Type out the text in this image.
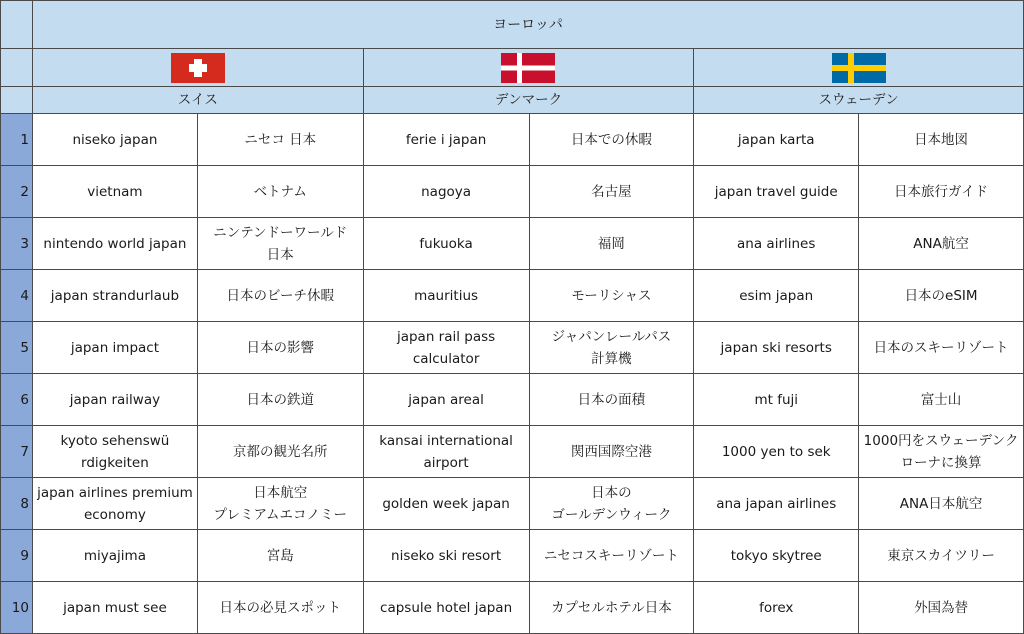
	ヨーロッパ					

	スイス		デンマーク		スウェーデン	
1	niseko japan	ニセコ 日本	ferie i japan	日本での休暇	japan karta	日本地図
2	vietnam	ベトナム	nagoya	名古屋	japan travel guide	日本旅行ガイド
3	nintendo world japan	ニンテンドーワールド
日本	fukuoka	福岡	ana airlines	ANA航空
4	japan strandurlaub	日本のビーチ休暇	mauritius	モーリシャス	esim japan	日本のeSIM
5	japan impact	日本の影響	japan rail pass
calculator	ジャパンレールパス
計算機	japan ski resorts	日本のスキーリゾート
6	japan railway	日本の鉄道	japan areal	日本の面積	mt fuji	富士山
7	kyoto sehenswü
rdigkeiten	京都の観光名所	kansai international
airport	関西国際空港	1000 yen to sek	1000円をスウェーデンク
ローナに換算
8	japan airlines premium
economy	日本航空
プレミアムエコノミー	golden week japan	日本の
ゴールデンウィーク	ana japan airlines	ANA日本航空
9	miyajima	宮島	niseko ski resort	ニセコスキーリゾート	tokyo skytree	東京スカイツリー
10	japan must see	日本の必見スポット	capsule hotel japan	カプセルホテル日本	forex	外国為替
